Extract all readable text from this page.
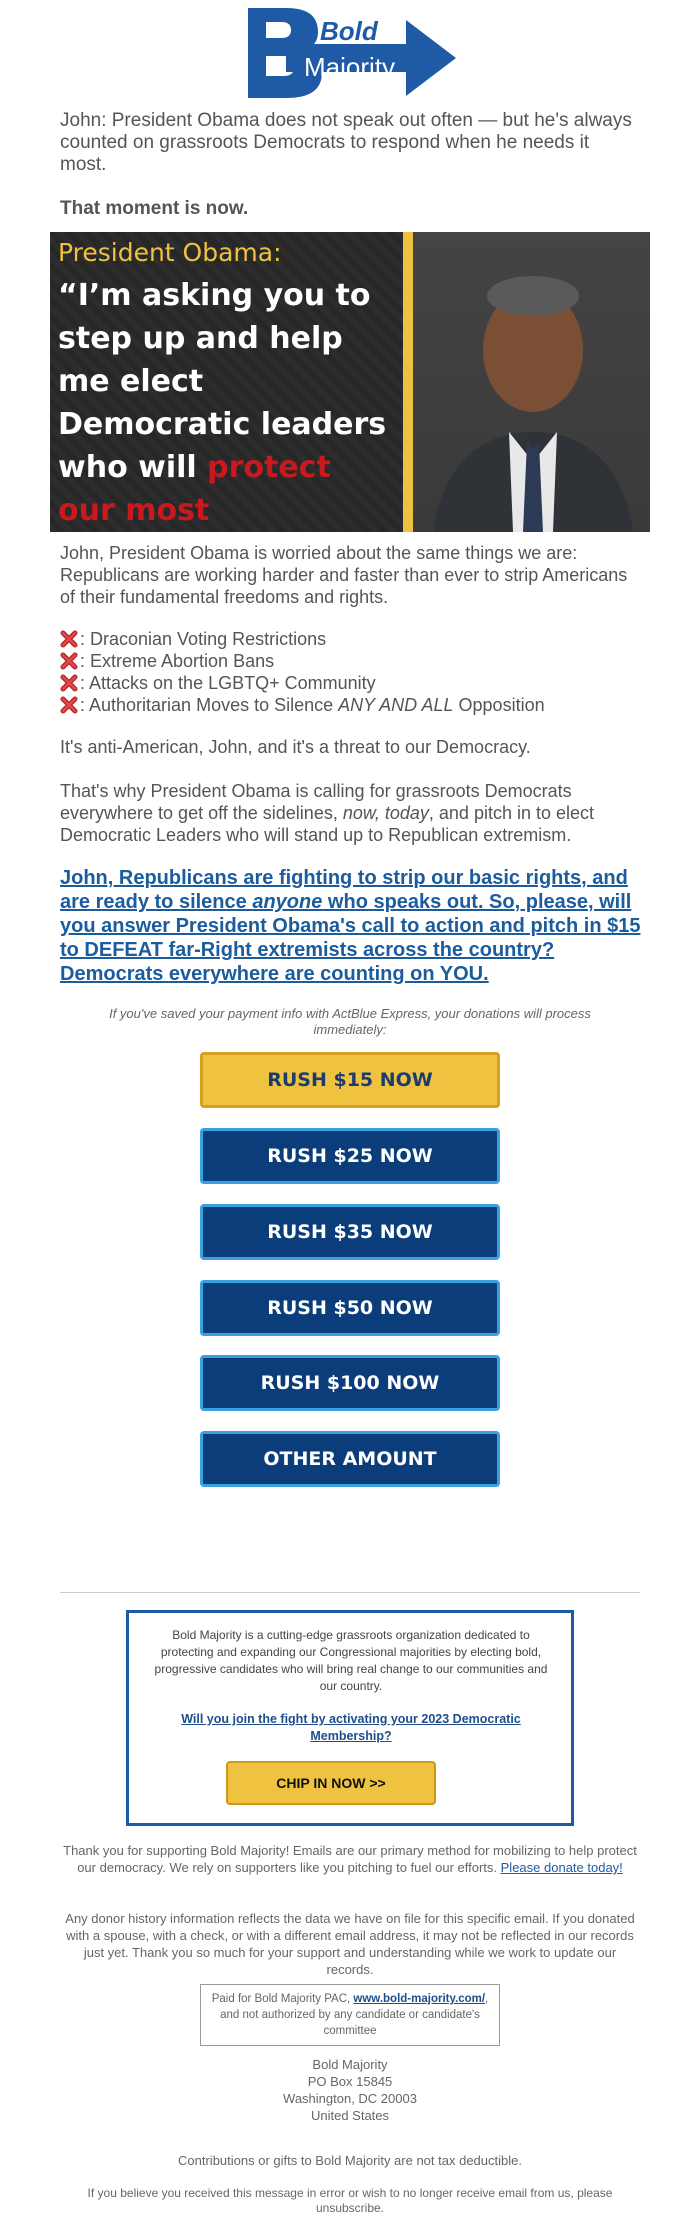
Bold
Majority
John: President Obama does not speak out often — but he's always counted on grassroots Democrats to respond when he needs it most.
That moment is now.
President Obama:
“I’m asking you to step up and help me elect Democratic leaders who will protect our most
John, President Obama is worried about the same things we are: Republicans are working harder and faster than ever to strip Americans of their fundamental freedoms and rights.
: Draconian Voting Restrictions
: Extreme Abortion Bans
: Attacks on the LGBTQ+ Community
: Authoritarian Moves to Silence ANY AND ALL Opposition
It's anti-American, John, and it's a threat to our Democracy.
That's why President Obama is calling for grassroots Democrats everywhere to get off the sidelines, now, today, and pitch in to elect Democratic Leaders who will stand up to Republican extremism.
John, Republicans are fighting to strip our basic rights, and are ready to silence anyone who speaks out. So, please, will you answer President Obama's call to action and pitch in $15 to DEFEAT far-Right extremists across the country? Democrats everywhere are counting on YOU.
If you've saved your payment info with ActBlue Express, your donations will process immediately:
RUSH $15 NOW
RUSH $25 NOW
RUSH $35 NOW
RUSH $50 NOW
RUSH $100 NOW
OTHER AMOUNT
Bold Majority is a cutting-edge grassroots organization dedicated to protecting and expanding our Congressional majorities by electing bold, progressive candidates who will bring real change to our communities and our country.
Will you join the fight by activating your 2023 Democratic Membership?
CHIP IN NOW >>
Thank you for supporting Bold Majority! Emails are our primary method for mobilizing to help protect our democracy. We rely on supporters like you pitching to fuel our efforts. Please donate today!
Any donor history information reflects the data we have on file for this specific email. If you donated with a spouse, with a check, or with a different email address, it may not be reflected in our records just yet. Thank you so much for your support and understanding while we work to update our records.
Paid for Bold Majority PAC, www.bold-majority.com/, and not authorized by any candidate or candidate's committee
Bold Majority
PO Box 15845
Washington, DC 20003
United States
Contributions or gifts to Bold Majority are not tax deductible.
If you believe you received this message in error or wish to no longer receive email from us, please unsubscribe.
